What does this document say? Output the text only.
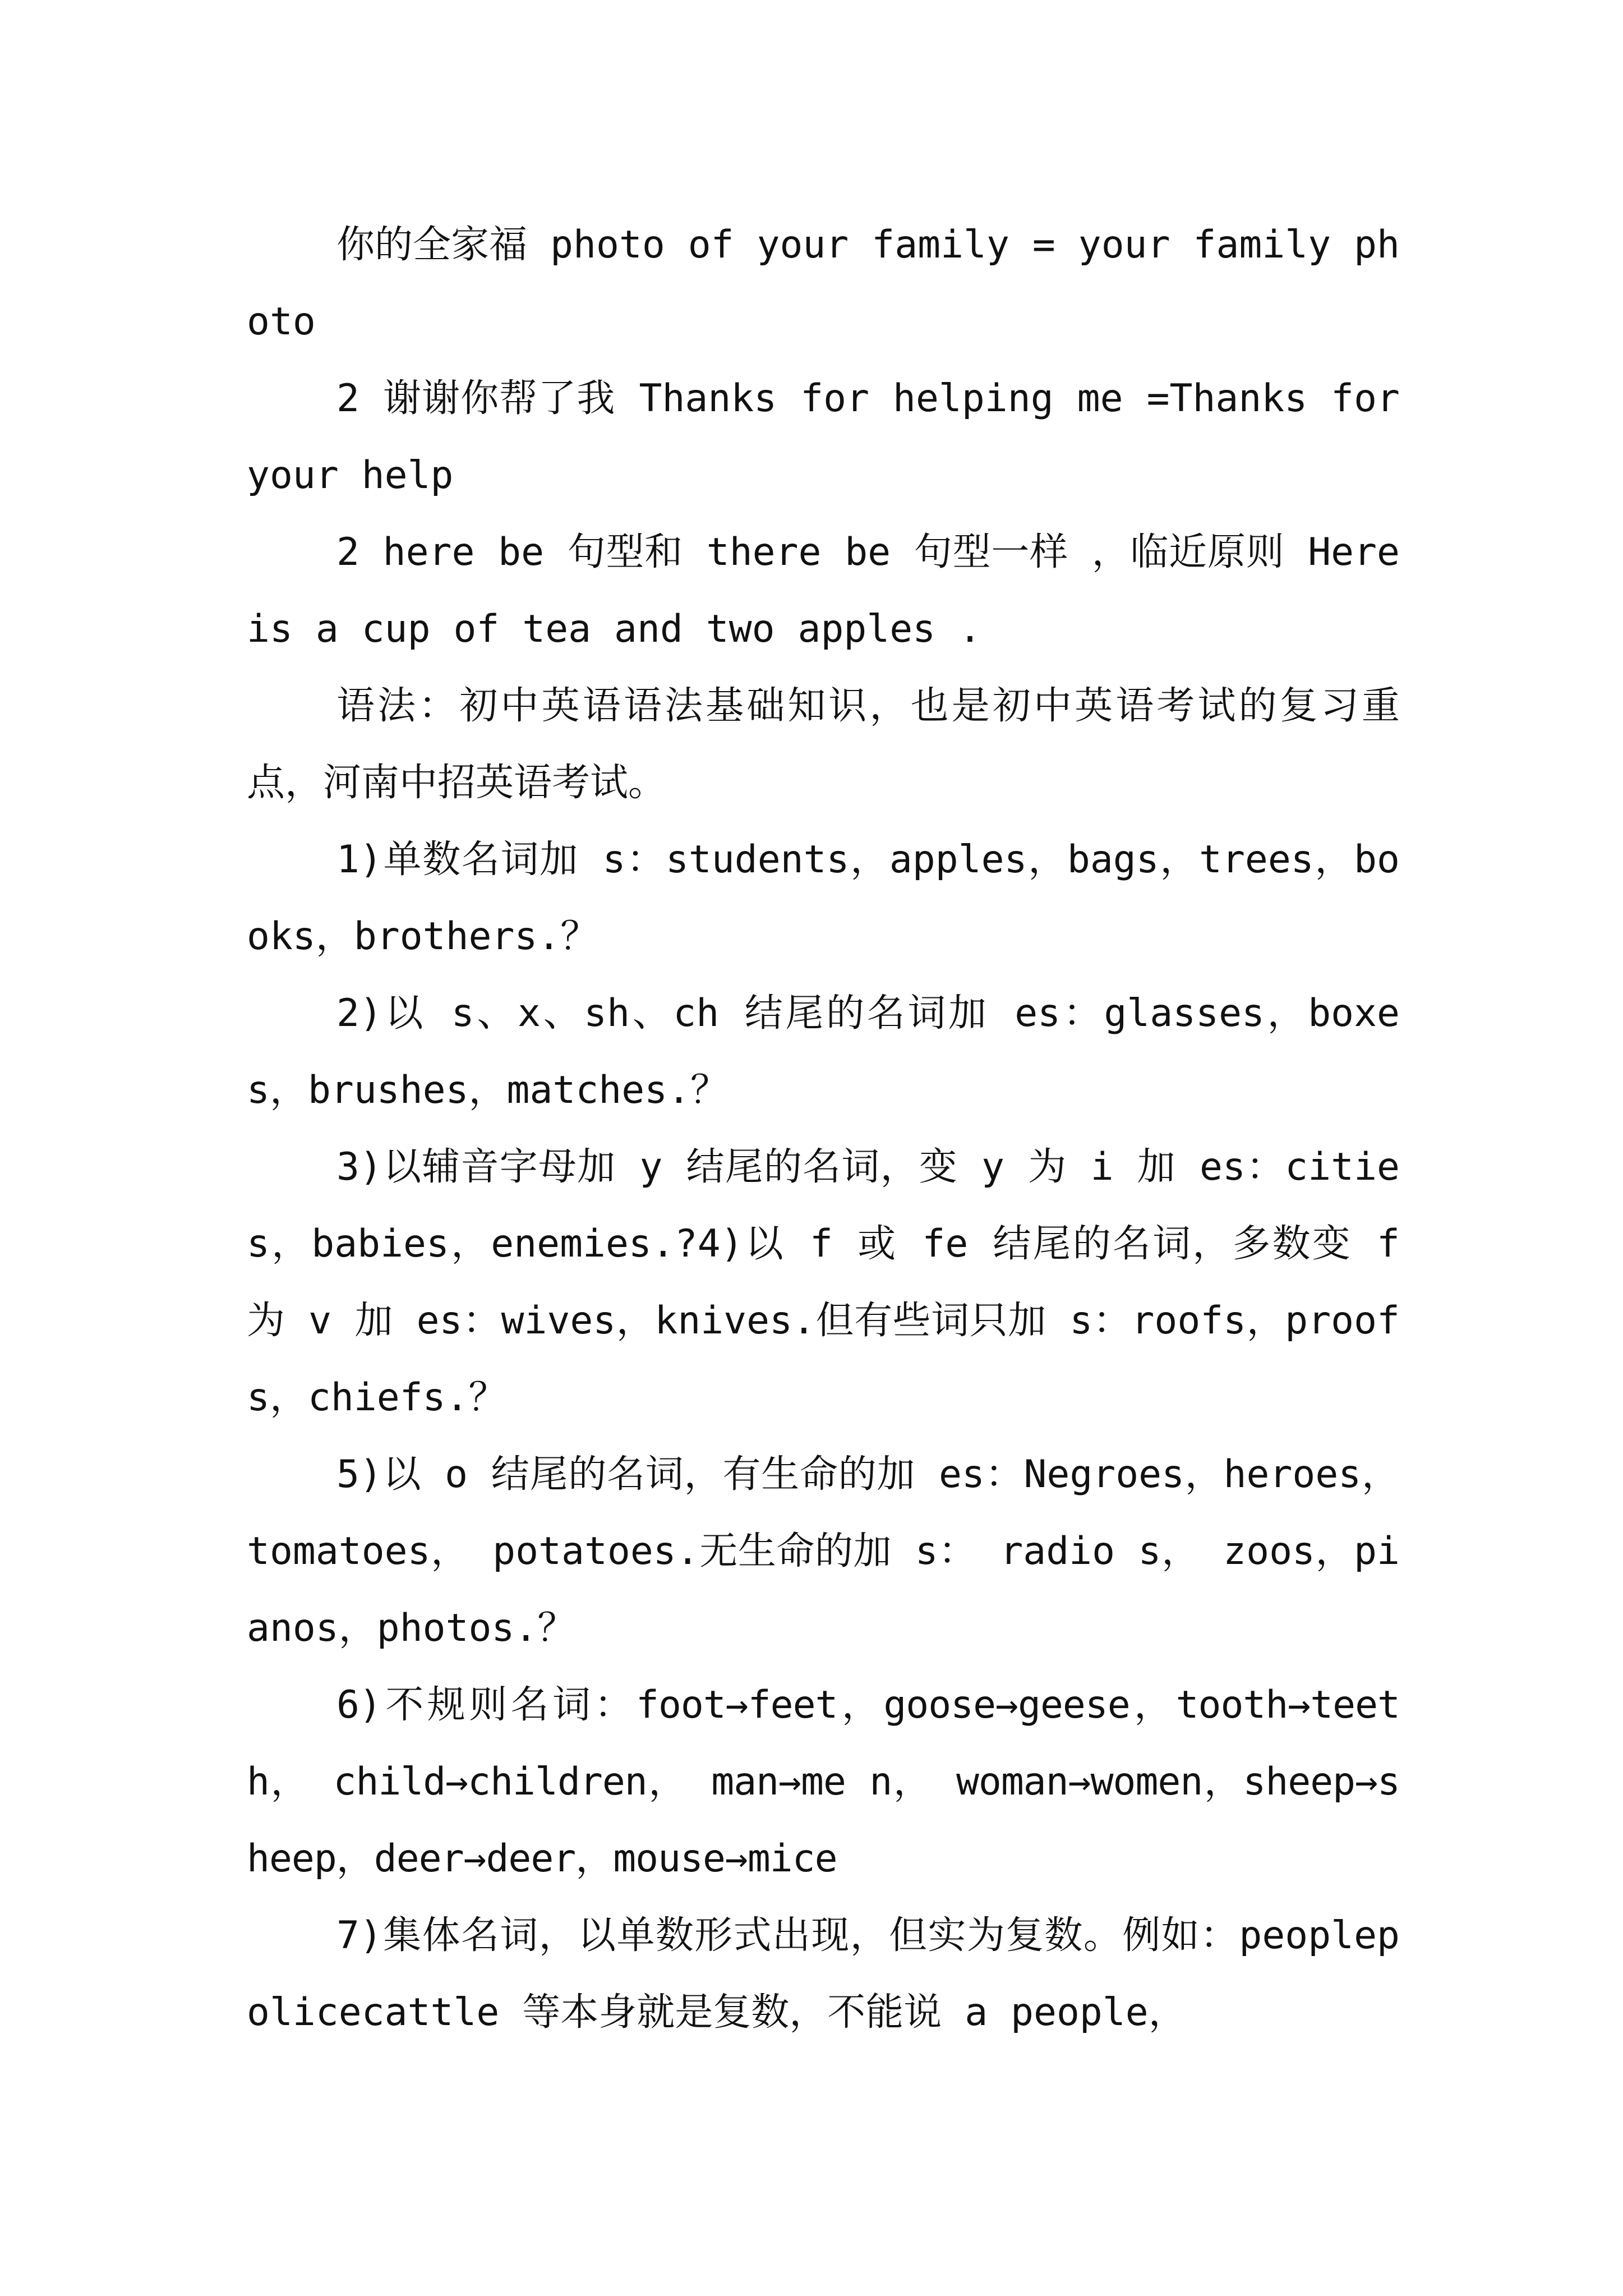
你的全家福 photo of your family = your family photo

2 谢谢你帮了我 Thanks for helping me =Thanks for your help

2 here be 句型和 there be 句型一样 ，临近原则 Here is a cup of tea and two apples .

语法：初中英语语法基础知识，也是初中英语考试的复习重点，河南中招英语考试。

1)单数名词加 s：students，apples，bags，trees，books，brothers.？

2)以 s、x、sh、ch 结尾的名词加 es：glasses，boxes，brushes，matches.？

3)以辅音字母加 y 结尾的名词，变 y 为 i 加 es：cities，babies，enemies.?4)以 f 或 fe 结尾的名词，多数变 f 为 v 加 es：wives，knives.但有些词只加 s：roofs，proof s，chiefs.？

5)以 o 结尾的名词，有生命的加 es：Negroes，heroes，tomatoes， potatoes.无生命的加 s： radio s， zoos，pianos，photos.？

6)不规则名词：foot→feet，goose→geese，tooth→teeth， child→children， man→me n， woman→women，sheep→sheep，deer→deer，mouse→mice

7)集体名词，以单数形式出现，但实为复数。例如：peoplepolicecattle 等本身就是复数，不能说 a people，
